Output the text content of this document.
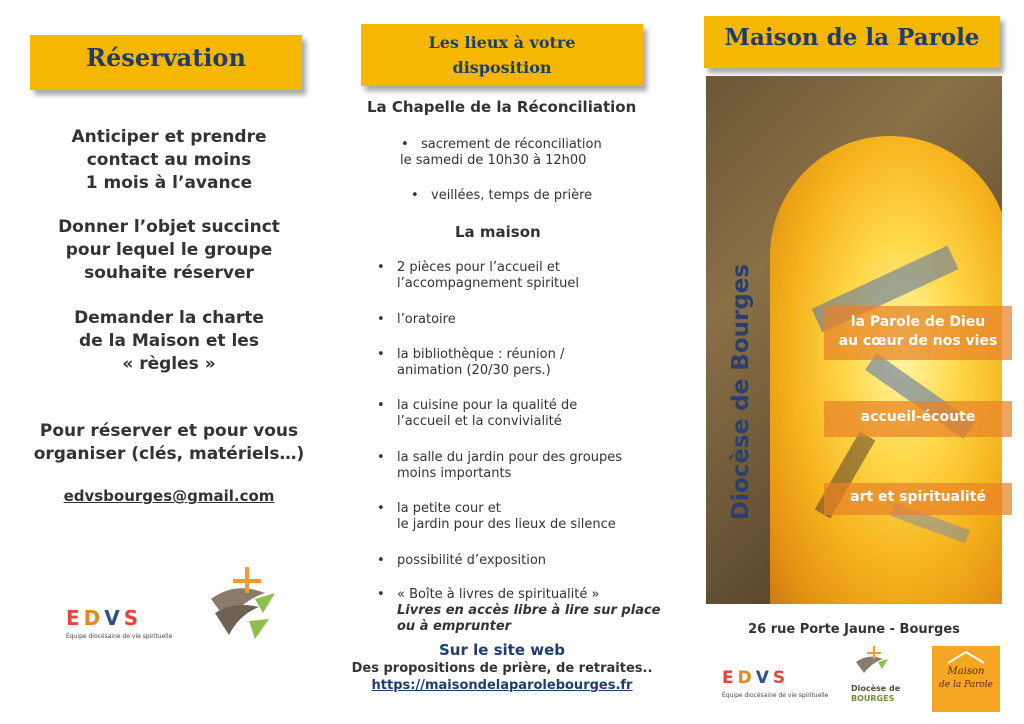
Réservation
Anticiper et prendre
contact au moins
1 mois à l’avance
Donner l’objet succinct
pour lequel le groupe
souhaite réserver
Demander la charte
de la Maison et les
« règles »
Pour réserver et pour vous
organiser (clés, matériels…)
edvsbourges@gmail.com
EDVS
Équipe diocésaine de vie spirituelle
Les lieux à votre
disposition
La Chapelle de la Réconciliation
• sacrement de réconciliation
le samedi de 10h30 à 12h00
• veillées, temps de prière
La maison
• 2 pièces pour l’accueil et
l’accompagnement spirituel
• l’oratoire
• la bibliothèque : réunion /
animation (20/30 pers.)
• la cuisine pour la qualité de
l’accueil et la convivialité
• la salle du jardin pour des groupes
moins importants
• la petite cour et
le jardin pour des lieux de silence
• possibilité d’exposition
• « Boîte à livres de spiritualité »
Livres en accès libre à lire sur place
ou à emprunter
Sur le site web
Des propositions de prière, de retraites..
https://maisondelaparolebourges.fr
Maison de la Parole
Diocèse de Bourges	la Parole de Dieu
au cœur de nos vies
accueil-écoute
art et spiritualité
26 rue Porte Jaune - Bourges
EDVS
Équipe diocésaine de vie spirituelle
Diocèse de
BOURGES
Maison
de la Parole
